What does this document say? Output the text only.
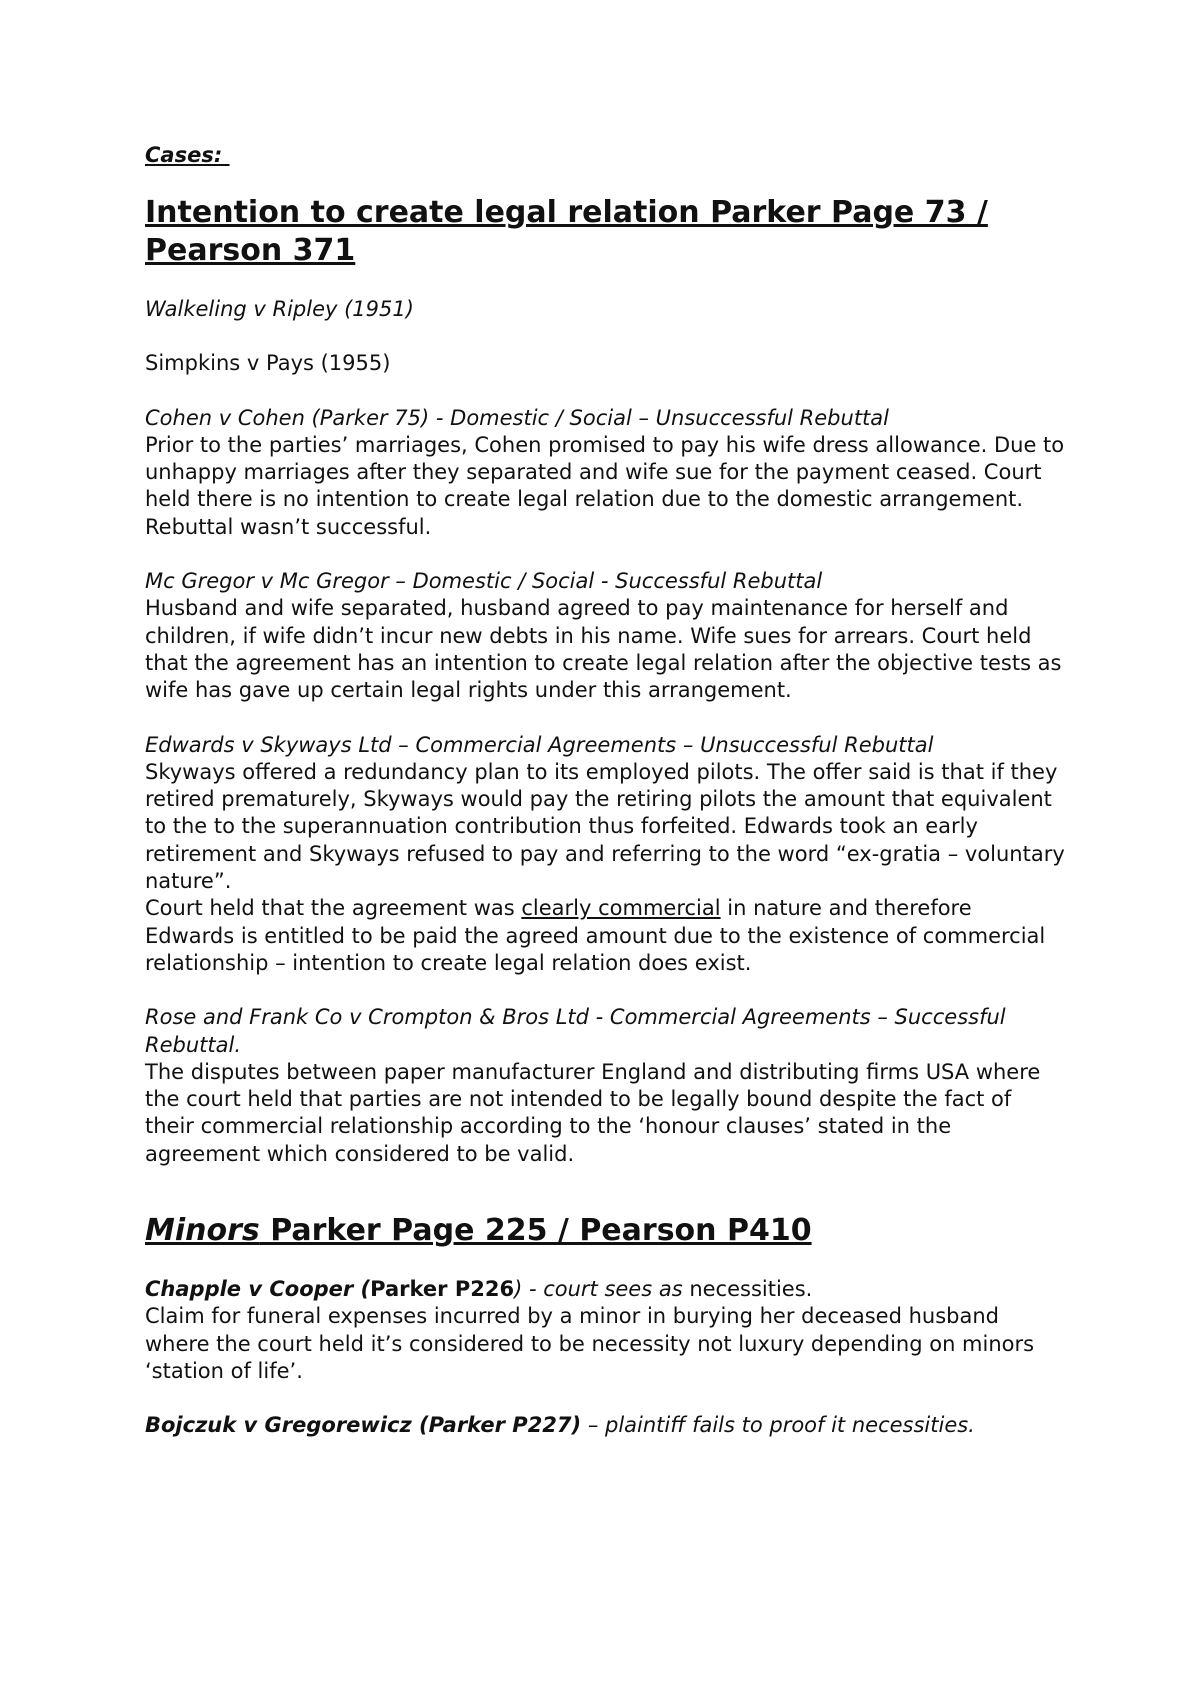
Cases:

Intention to create legal relation Parker Page 73 / Pearson 371

Walkeling v Ripley (1951)

Simpkins v Pays (1955)

Cohen v Cohen (Parker 75) - Domestic / Social – Unsuccessful Rebuttal

Prior to the parties’ marriages, Cohen promised to pay his wife dress allowance. Due to unhappy marriages after they separated and wife sue for the payment ceased. Court held there is no intention to create legal relation due to the domestic arrangement. Rebuttal wasn’t successful.

Mc Gregor v Mc Gregor – Domestic / Social - Successful Rebuttal

Husband and wife separated, husband agreed to pay maintenance for herself and children, if wife didn’t incur new debts in his name. Wife sues for arrears. Court held that the agreement has an intention to create legal relation after the objective tests as wife has gave up certain legal rights under this arrangement.

Edwards v Skyways Ltd – Commercial Agreements – Unsuccessful Rebuttal

Skyways offered a redundancy plan to its employed pilots. The offer said is that if they retired prematurely, Skyways would pay the retiring pilots the amount that equivalent to the to the superannuation contribution thus forfeited. Edwards took an early retirement and Skyways refused to pay and referring to the word “ex-gratia – voluntary nature”.

Court held that the agreement was clearly commercial in nature and therefore Edwards is entitled to be paid the agreed amount due to the existence of commercial relationship – intention to create legal relation does exist.

Rose and Frank Co v Crompton & Bros Ltd - Commercial Agreements – Successful Rebuttal.

The disputes between paper manufacturer England and distributing firms USA where the court held that parties are not intended to be legally bound despite the fact of their commercial relationship according to the ‘honour clauses’ stated in the agreement which considered to be valid.

Minors Parker Page 225 / Pearson P410

Chapple v Cooper (Parker P226) - court sees as necessities.

Claim for funeral expenses incurred by a minor in burying her deceased husband where the court held it’s considered to be necessity not luxury depending on minors ‘station of life’.

Bojczuk v Gregorewicz (Parker P227) – plaintiff fails to proof it necessities.
